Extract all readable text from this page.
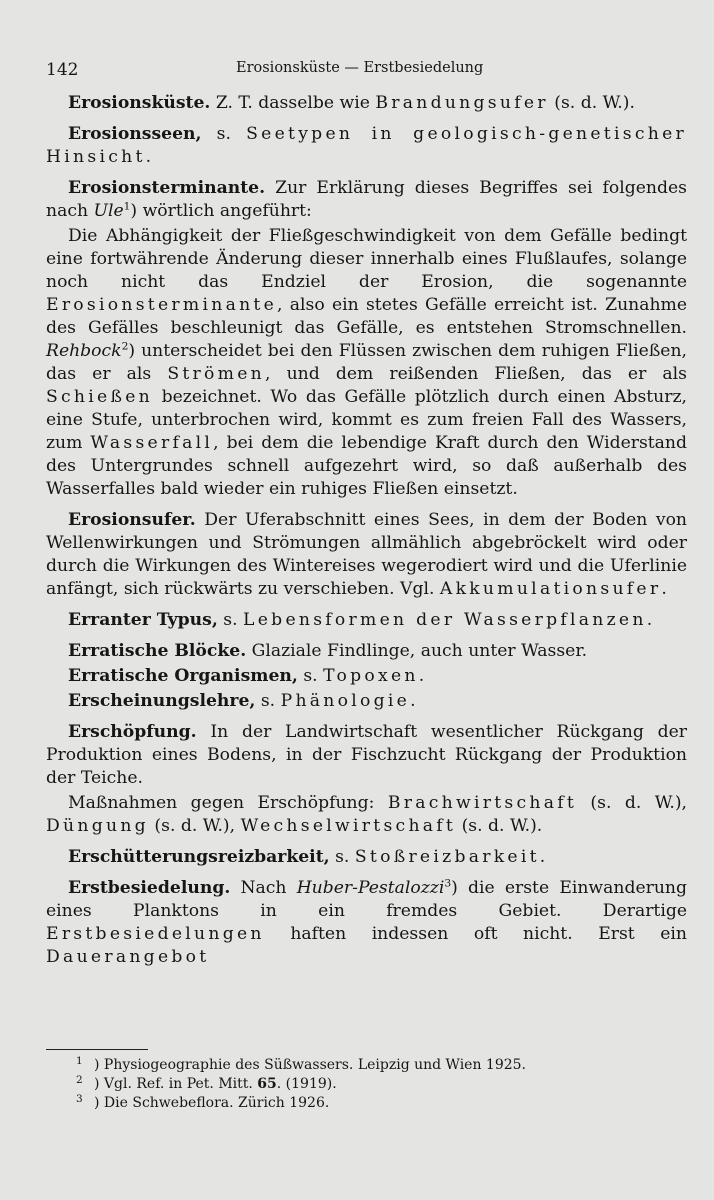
142	Erosionsküste — Erstbesiedelung

Erosionsküste. Z. T. dasselbe wie Brandungsufer (s. d. W.).

Erosionsseen, s. Seetypen in geologisch-genetischer Hinsicht.

Erosionsterminante. Zur Erklärung dieses Begriffes sei folgendes nach Ule$^1$) wörtlich angeführt:

Die Abhängigkeit der Fließgeschwindigkeit von dem Gefälle bedingt eine fortwährende Änderung dieser innerhalb eines Flußlaufes, solange noch nicht das Endziel der Erosion, die sogenannte Erosionsterminante, also ein stetes Gefälle erreicht ist. Zunahme des Gefälles beschleunigt das Gefälle, es entstehen Stromschnellen. Rehbock$^2$) unterscheidet bei den Flüssen zwischen dem ruhigen Fließen, das er als Strömen, und dem reißenden Fließen, das er als Schießen bezeichnet. Wo das Gefälle plötzlich durch einen Absturz, eine Stufe, unterbrochen wird, kommt es zum freien Fall des Wassers, zum Wasserfall, bei dem die lebendige Kraft durch den Widerstand des Untergrundes schnell aufgezehrt wird, so daß außerhalb des Wasserfalles bald wieder ein ruhiges Fließen einsetzt.

Erosionsufer. Der Uferabschnitt eines Sees, in dem der Boden von Wellenwirkungen und Strömungen allmählich abgebröckelt wird oder durch die Wirkungen des Wintereises wegerodiert wird und die Uferlinie anfängt, sich rückwärts zu verschieben. Vgl. Akkumulationsufer.

Erranter Typus, s. Lebensformen der Wasserpflanzen.

Erratische Blöcke. Glaziale Findlinge, auch unter Wasser.

Erratische Organismen, s. Topoxen.

Erscheinungslehre, s. Phänologie.

Erschöpfung. In der Landwirtschaft wesentlicher Rückgang der Produktion eines Bodens, in der Fischzucht Rückgang der Produktion der Teiche.

Maßnahmen gegen Erschöpfung: Brachwirtschaft (s. d. W.), Düngung (s. d. W.), Wechselwirtschaft (s. d. W.).

Erschütterungsreizbarkeit, s. Stoßreizbarkeit.

Erstbesiedelung. Nach Huber-Pestalozzi$^3$) die erste Einwanderung eines Planktons in ein fremdes Gebiet. Derartige Erstbesiedelungen haften indessen oft nicht. Erst ein Dauerangebot

1 ) Physiogeographie des Süßwassers. Leipzig und Wien 1925.

2 ) Vgl. Ref. in Pet. Mitt. 65. (1919).

3 ) Die Schwebeflora. Zürich 1926.
